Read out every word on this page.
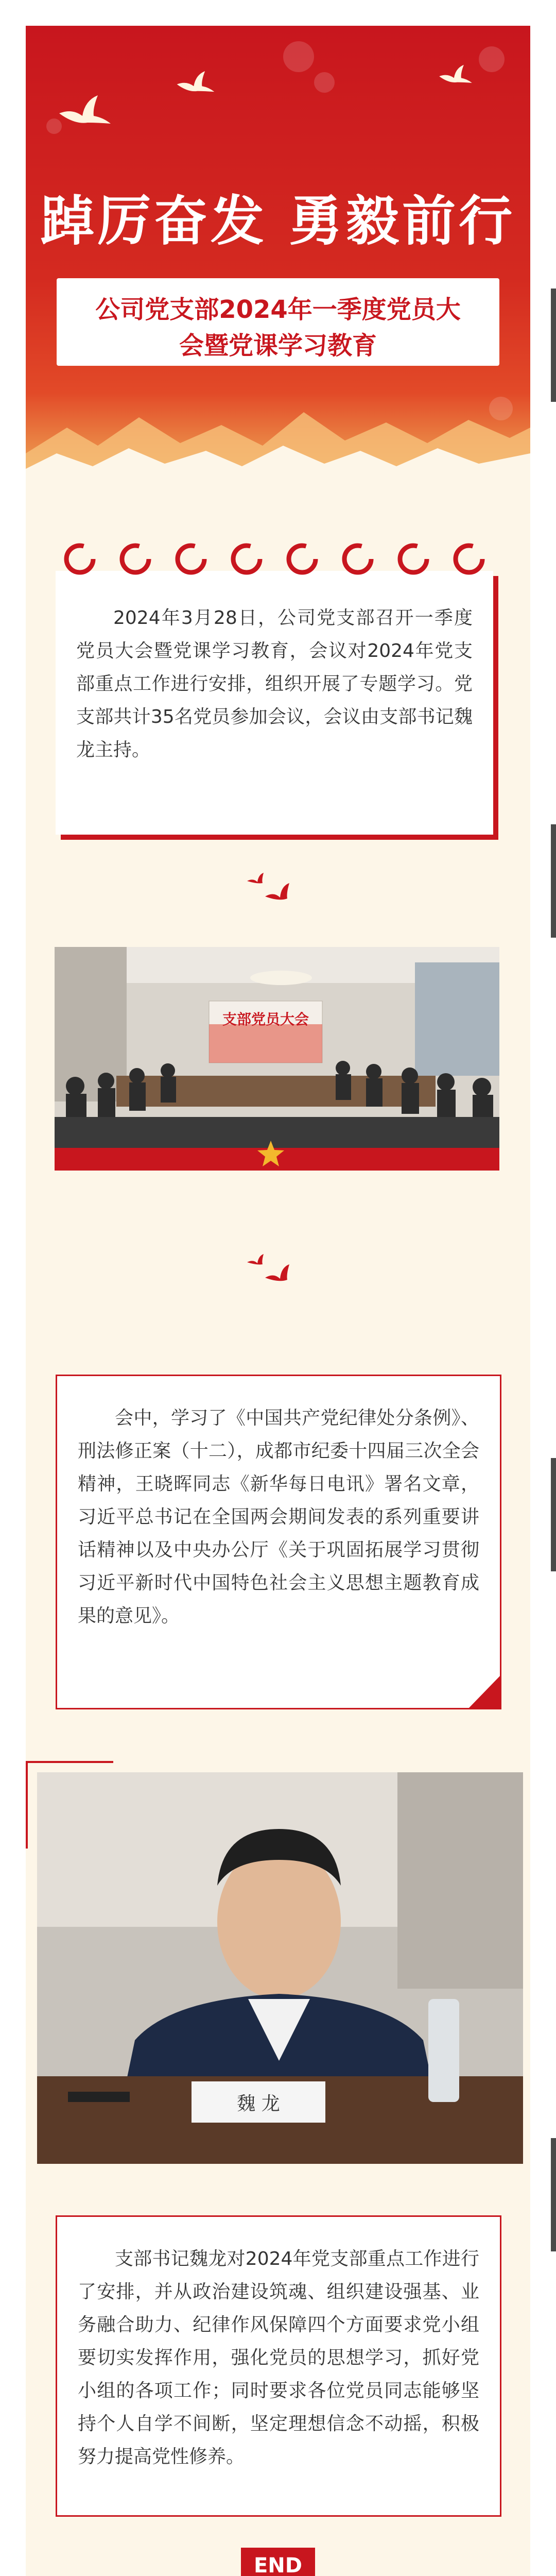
踔厉奋发 勇毅前行
公司党支部2024年一季度党员大
会暨党课学习教育
2024年3月28日，公司党支部召开一季度党员大会暨党课学习教育，会议对2024年党支部重点工作进行安排，组织开展了专题学习。党支部共计35名党员参加会议，会议由支部书记魏龙主持。
支部党员大会
会中，学习了《中国共产党纪律处分条例》、刑法修正案（十二），成都市纪委十四届三次全会精神，王晓晖同志《新华每日电讯》署名文章，习近平总书记在全国两会期间发表的系列重要讲话精神以及中央办公厅《关于巩固拓展学习贯彻习近平新时代中国特色社会主义思想主题教育成果的意见》。
魏 龙
支部书记魏龙对2024年党支部重点工作进行了安排，并从政治建设筑魂、组织建设强基、业务融合助力、纪律作风保障四个方面要求党小组要切实发挥作用，强化党员的思想学习，抓好党小组的各项工作；同时要求各位党员同志能够坚持个人自学不间断，坚定理想信念不动摇，积极努力提高党性修养。
END
